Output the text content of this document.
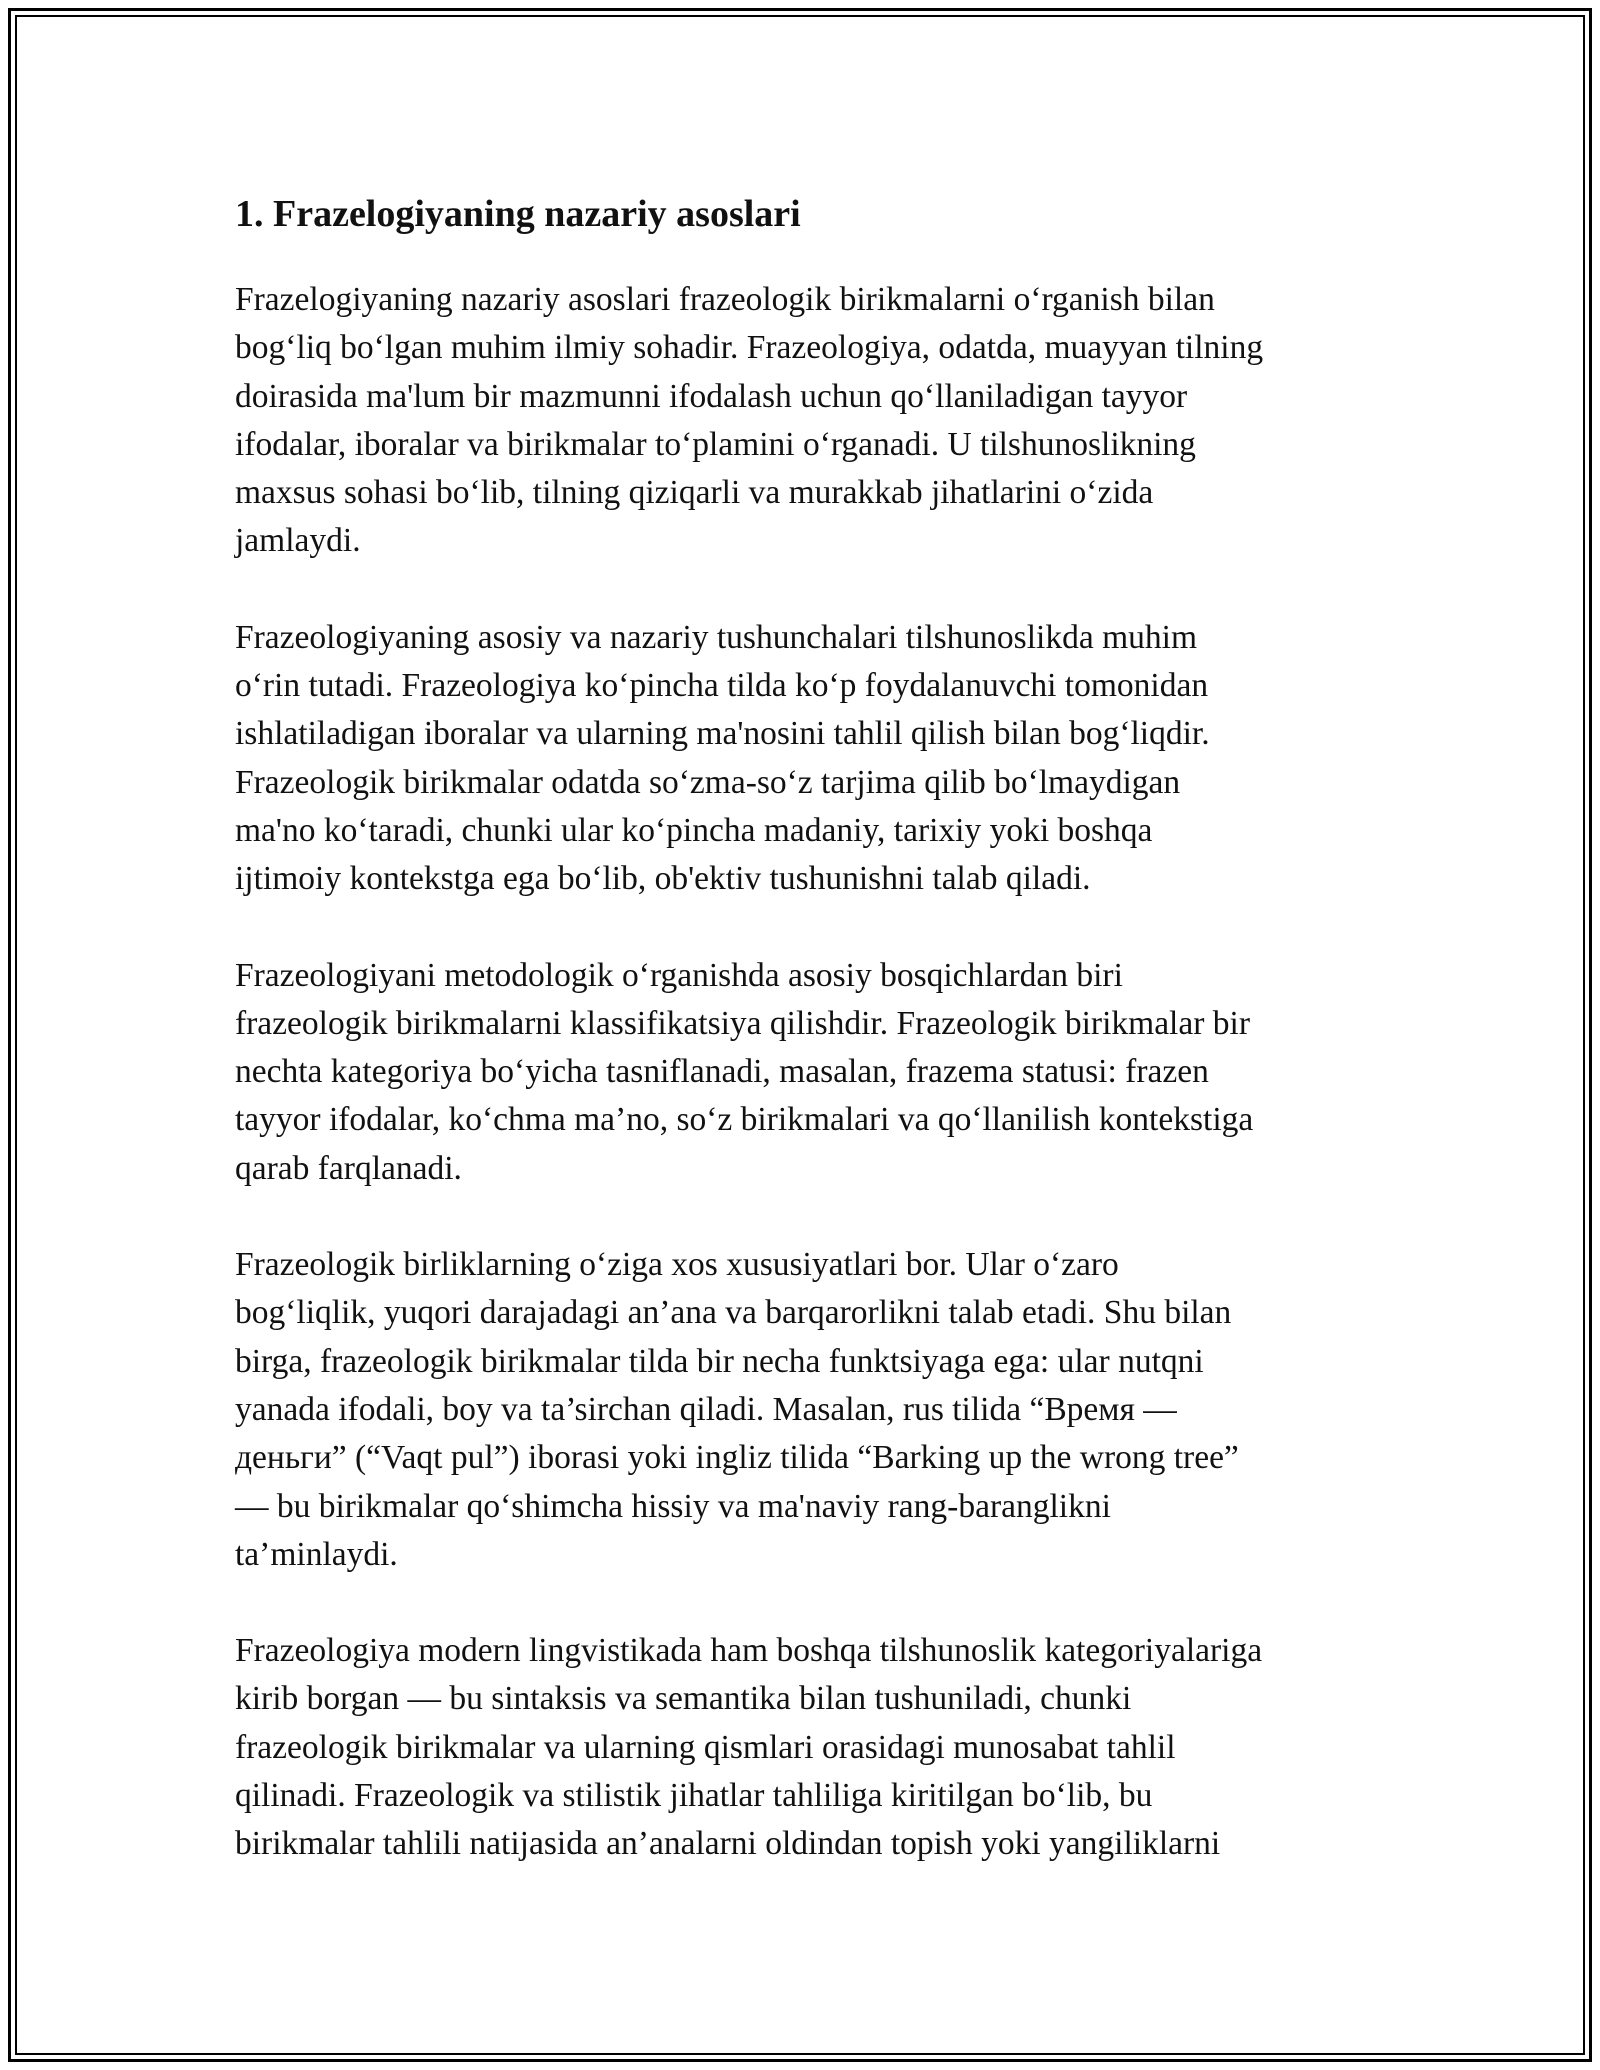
1. Frazelogiyaning nazariy asoslari

Frazelogiyaning nazariy asoslari frazeologik birikmalarni o‘rganish bilan
bog‘liq bo‘lgan muhim ilmiy sohadir. Frazeologiya, odatda, muayyan tilning
doirasida ma'lum bir mazmunni ifodalash uchun qo‘llaniladigan tayyor
ifodalar, iboralar va birikmalar to‘plamini o‘rganadi. U tilshunoslikning
maxsus sohasi bo‘lib, tilning qiziqarli va murakkab jihatlarini o‘zida
jamlaydi.

Frazeologiyaning asosiy va nazariy tushunchalari tilshunoslikda muhim
o‘rin tutadi. Frazeologiya ko‘pincha tilda ko‘p foydalanuvchi tomonidan
ishlatiladigan iboralar va ularning ma'nosini tahlil qilish bilan bog‘liqdir.
Frazeologik birikmalar odatda so‘zma-so‘z tarjima qilib bo‘lmaydigan
ma'no ko‘taradi, chunki ular ko‘pincha madaniy, tarixiy yoki boshqa
ijtimoiy kontekstga ega bo‘lib, ob'ektiv tushunishni talab qiladi.

Frazeologiyani metodologik o‘rganishda asosiy bosqichlardan biri
frazeologik birikmalarni klassifikatsiya qilishdir. Frazeologik birikmalar bir
nechta kategoriya bo‘yicha tasniflanadi, masalan, frazema statusi: frazen
tayyor ifodalar, ko‘chma ma’no, so‘z birikmalari va qo‘llanilish kontekstiga
qarab farqlanadi.

Frazeologik birliklarning o‘ziga xos xususiyatlari bor. Ular o‘zaro
bog‘liqlik, yuqori darajadagi an’ana va barqarorlikni talab etadi. Shu bilan
birga, frazeologik birikmalar tilda bir necha funktsiyaga ega: ular nutqni
yanada ifodali, boy va ta’sirchan qiladi. Masalan, rus tilida “Время —
деньги” (“Vaqt pul”) iborasi yoki ingliz tilida “Barking up the wrong tree”
— bu birikmalar qo‘shimcha hissiy va ma'naviy rang-baranglikni
ta’minlaydi.

Frazeologiya modern lingvistikada ham boshqa tilshunoslik kategoriyalariga
kirib borgan — bu sintaksis va semantika bilan tushuniladi, chunki
frazeologik birikmalar va ularning qismlari orasidagi munosabat tahlil
qilinadi. Frazeologik va stilistik jihatlar tahliliga kiritilgan bo‘lib, bu
birikmalar tahlili natijasida an’analarni oldindan topish yoki yangiliklarni
